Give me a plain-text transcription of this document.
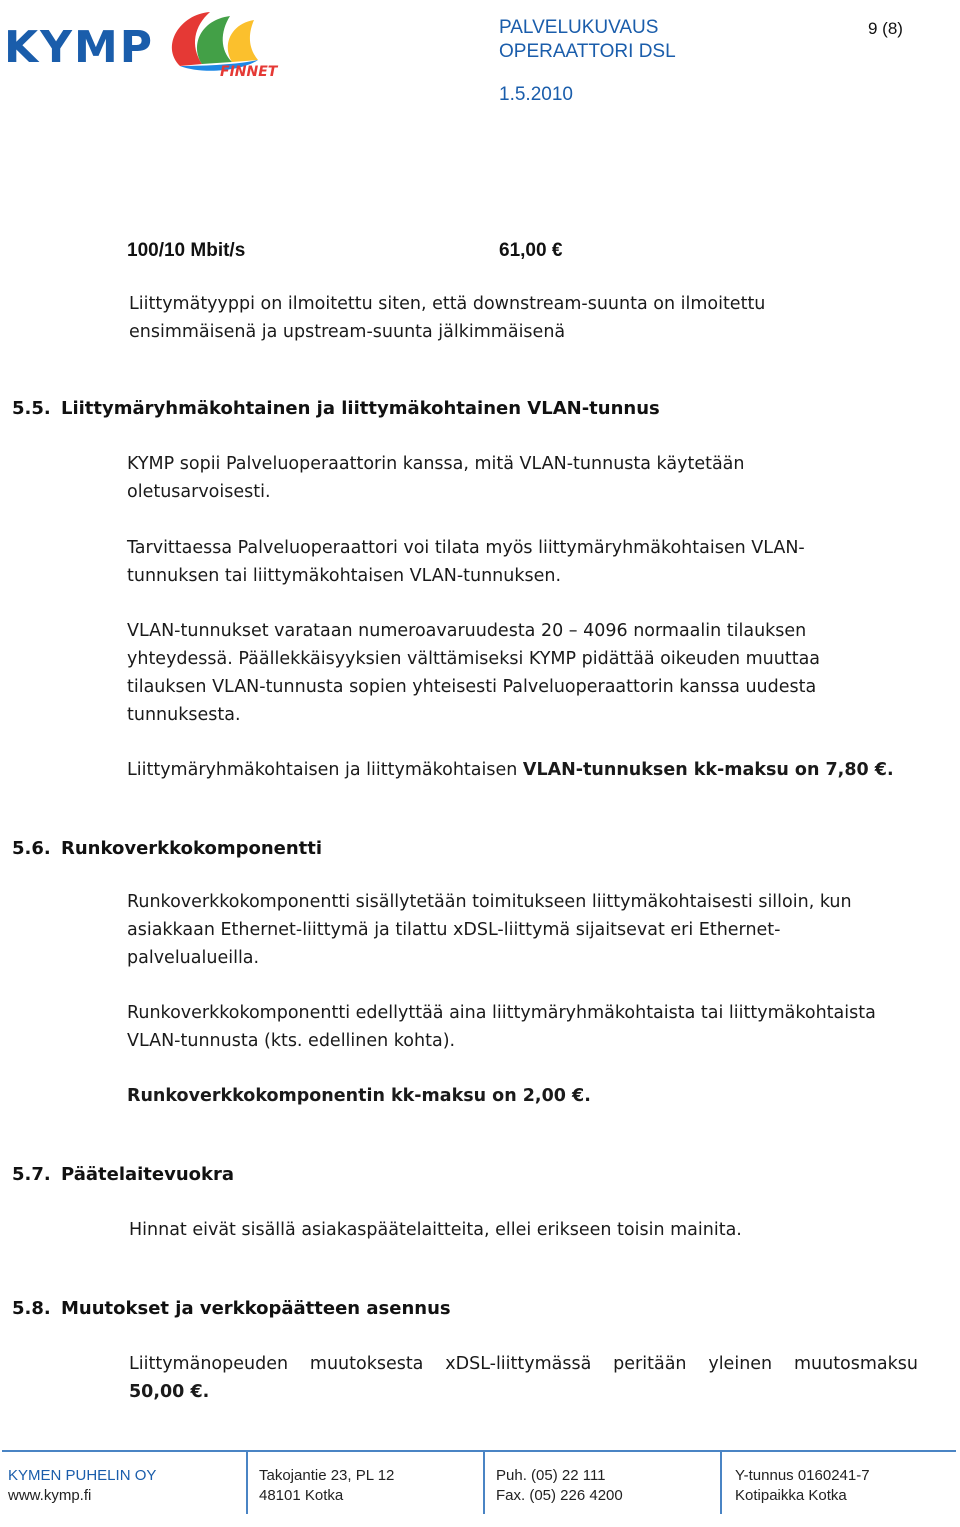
KYMP	FINNET
PALVELUKUVAUS
OPERAATTORI DSL
1.5.2010
9 (8)
100/10 Mbit/s	61,00 €
Liittymätyyppi on ilmoitettu siten, että downstream-suunta on ilmoitettu
ensimmäisenä ja upstream-suunta jälkimmäisenä
5.5. Liittymäryhmäkohtainen ja liittymäkohtainen VLAN-tunnus
KYMP sopii Palveluoperaattorin kanssa, mitä VLAN-tunnusta käytetään
oletusarvoisesti.
Tarvittaessa Palveluoperaattori voi tilata myös liittymäryhmäkohtaisen VLAN-
tunnuksen tai liittymäkohtaisen VLAN-tunnuksen.
VLAN-tunnukset varataan numeroavaruudesta 20 – 4096 normaalin tilauksen
yhteydessä. Päällekkäisyyksien välttämiseksi KYMP pidättää oikeuden muuttaa
tilauksen VLAN-tunnusta sopien yhteisesti Palveluoperaattorin kanssa uudesta
tunnuksesta.
Liittymäryhmäkohtaisen ja liittymäkohtaisen VLAN-tunnuksen kk-maksu on 7,80 €.
5.6. Runkoverkkokomponentti
Runkoverkkokomponentti sisällytetään toimitukseen liittymäkohtaisesti silloin, kun
asiakkaan Ethernet-liittymä ja tilattu xDSL-liittymä sijaitsevat eri Ethernet-
palvelualueilla.
Runkoverkkokomponentti edellyttää aina liittymäryhmäkohtaista tai liittymäkohtaista
VLAN-tunnusta (kts. edellinen kohta).
Runkoverkkokomponentin kk-maksu on 2,00 €.
5.7. Päätelaitevuokra
Hinnat eivät sisällä asiakaspäätelaitteita, ellei erikseen toisin mainita.
5.8. Muutokset ja verkkopäätteen asennus
Liittymänopeuden muutoksesta xDSL-liittymässä peritään yleinen muutosmaksu
50,00 €.
KYMEN PUHELIN OY
www.kymp.fi
Takojantie 23, PL 12
48101 Kotka
Puh. (05) 22 111
Fax. (05) 226 4200
Y-tunnus 0160241-7
Kotipaikka Kotka
